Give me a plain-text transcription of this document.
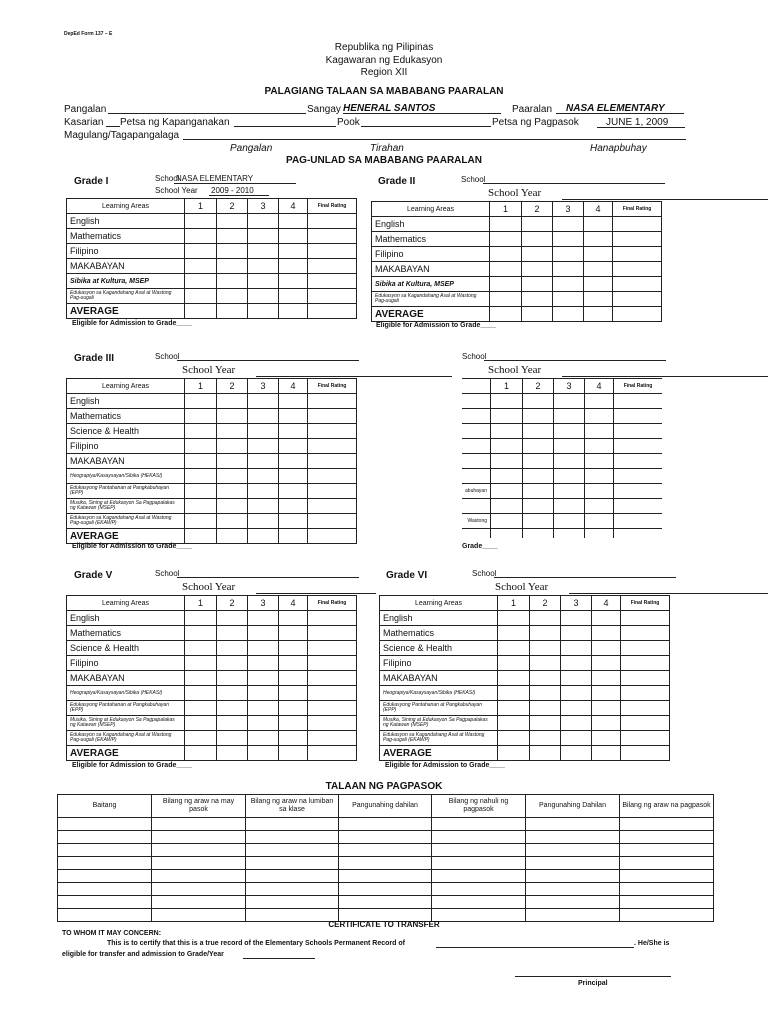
DepEd Form 137 – E
Republika ng Pilipinas
Kagawaran ng Edukasyon
Region XII
PALAGIANG TALAAN SA MABABANG PAARALAN
Pangalan	Sangay HENERAL SANTOS	Paaralan NASA ELEMENTARY
Kasarian Petsa ng Kapanganakan	Pook	Petsa ng Pagpasok	JUNE 1, 2009
Magulang/Tagapangalaga
Pangalan	Tirahan	Hanapbuhay
PAG-UNLAD SA MABABANG PAARALAN
Grade I	School
NASA ELEMENTARY
School Year 2009 - 2010
Learning Areas	1	2	3	4	Final Rating
English					
Mathematics					
Filipino					
MAKABAYAN					
Sibika at Kultura, MSEP					
Edukasyon sa Kagandahang Asal at Wastong Pag-uugali					
AVERAGE					
Eligible for Admission to Grade____
Grade II	School
School Year
Learning Areas	1	2	3	4	Final Rating
English					
Mathematics					
Filipino					
MAKABAYAN					
Sibika at Kultura, MSEP					
Edukasyon sa Kagandahang Asal at Wastong Pag-uugali					
AVERAGE					
Eligible for Admission to Grade____
Grade III	School
School Year
Learning Areas	1	2	3	4	Final Rating
English					
Mathematics					
Science & Health					
Filipino					
MAKABAYAN					
Heograpiya/Kasaysayan/Sibika (HEKASI)					
Edukasyong Pantahanan at Pangkabuhayan (EPP)					
Musika, Sining at Edukasyon Sa Pagpapalakas ng Katawan (MSEP)					
Edukasyon sa Kagandahang Asal at Wastong Pag-uugali (EKAWP)					
AVERAGE					
Eligible for Admission to Grade____
School
School Year
	1	2	3	4	Final Rating

abuhayan					

Wastong					

Grade____
Grade V	School
School Year
Learning Areas	1	2	3	4	Final Rating
English					
Mathematics					
Science & Health					
Filipino					
MAKABAYAN					
Heograpiya/Kasaysayan/Sibika (HEKASI)					
Edukasyong Pantahanan at Pangkabuhayan (EPP)					
Musika, Sining at Edukasyon Sa Pagpapalakas ng Katawan (MSEP)					
Edukasyon sa Kagandahang Asal at Wastong Pag-uugali (EKAWP)					
AVERAGE					
Eligible for Admission to Grade____
Grade VI	School
School Year
Learning Areas	1	2	3	4	Final Rating
English					
Mathematics					
Science & Health					
Filipino					
MAKABAYAN					
Heograpiya/Kasaysayan/Sibika (HEKASI)					
Edukasyong Pantahanan at Pangkabuhayan (EPP)					
Musika, Sining at Edukasyon Sa Pagpapalakas ng Katawan (MSEP)					
Edukasyon sa Kagandahang Asal at Wastong Pag-uugali (EKAWP)					
AVERAGE					
Eligible for Admission to Grade____
TALAAN NG PAGPASOK
Baitang	Bilang ng araw na may pasok	Bilang ng araw na lumiban sa klase	Pangunahing dahilan	Bilang ng nahuli ng pagpasok	Pangunahing Dahilan	Bilang ng araw na pagpasok

CERTIFICATE TO TRANSFER
TO WHOM IT MAY CONCERN:
This is to certify that this is a true record of the Elementary Schools Permanent Record of	. He/She is
eligible for transfer and admission to Grade/Year
Principal
